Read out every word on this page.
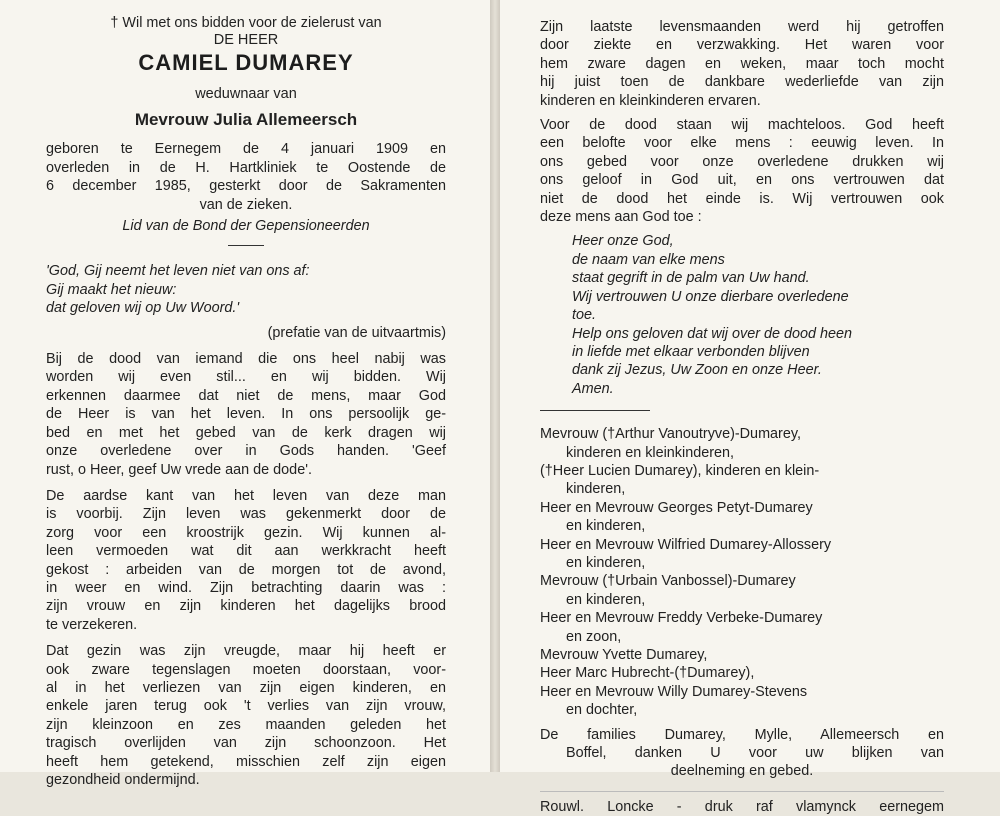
† Wil met ons bidden voor de zielerust van
DE HEER
CAMIEL DUMAREY
weduwnaar van
Mevrouw Julia Allemeersch
geboren te Eernegem de 4 januari 1909 en
overleden in de H. Hartkliniek te Oostende de
6 december 1985, gesterkt door de Sakramenten
van de zieken.
Lid van de Bond der Gepensioneerden
'God, Gij neemt het leven niet van ons af:
Gij maakt het nieuw:
dat geloven wij op Uw Woord.'
(prefatie van de uitvaartmis)
Bij de dood van iemand die ons heel nabij was
worden wij even stil... en wij bidden. Wij
erkennen daarmee dat niet de mens, maar God
de Heer is van het leven. In ons persoolijk ge-
bed en met het gebed van de kerk dragen wij
onze overledene over in Gods handen. 'Geef
rust, o Heer, geef Uw vrede aan de dode'.
De aardse kant van het leven van deze man
is voorbij. Zijn leven was gekenmerkt door de
zorg voor een kroostrijk gezin. Wij kunnen al-
leen vermoeden wat dit aan werkkracht heeft
gekost : arbeiden van de morgen tot de avond,
in weer en wind. Zijn betrachting daarin was :
zijn vrouw en zijn kinderen het dagelijks brood
te verzekeren.
Dat gezin was zijn vreugde, maar hij heeft er
ook zware tegenslagen moeten doorstaan, voor-
al in het verliezen van zijn eigen kinderen, en
enkele jaren terug ook 't verlies van zijn vrouw,
zijn kleinzoon en zes maanden geleden het
tragisch overlijden van zijn schoonzoon. Het
heeft hem getekend, misschien zelf zijn eigen
gezondheid ondermijnd.
Zijn laatste levensmaanden werd hij getroffen
door ziekte en verzwakking. Het waren voor
hem zware dagen en weken, maar toch mocht
hij juist toen de dankbare wederliefde van zijn
kinderen en kleinkinderen ervaren.
Voor de dood staan wij machteloos. God heeft
een belofte voor elke mens : eeuwig leven. In
ons gebed voor onze overledene drukken wij
ons geloof in God uit, en ons vertrouwen dat
niet de dood het einde is. Wij vertrouwen ook
deze mens aan God toe :
Heer onze God,
de naam van elke mens
staat gegrift in de palm van Uw hand.
Wij vertrouwen U onze dierbare overledene
toe.
Help ons geloven dat wij over de dood heen
in liefde met elkaar verbonden blijven
dank zij Jezus, Uw Zoon en onze Heer.
Amen.
Mevrouw (†Arthur Vanoutryve)-Dumarey,
kinderen en kleinkinderen,
(†Heer Lucien Dumarey), kinderen en klein-
kinderen,
Heer en Mevrouw Georges Petyt-Dumarey
en kinderen,
Heer en Mevrouw Wilfried Dumarey-Allossery
en kinderen,
Mevrouw (†Urbain Vanbossel)-Dumarey
en kinderen,
Heer en Mevrouw Freddy Verbeke-Dumarey
en zoon,
Mevrouw Yvette Dumarey,
Heer Marc Hubrecht-(†Dumarey),
Heer en Mevrouw Willy Dumarey-Stevens
en dochter,
De families Dumarey, Mylle, Allemeersch en
Boffel, danken U voor uw blijken van
deelneming en gebed.
Rouwl. Loncke - druk raf vlamynck eernegem
